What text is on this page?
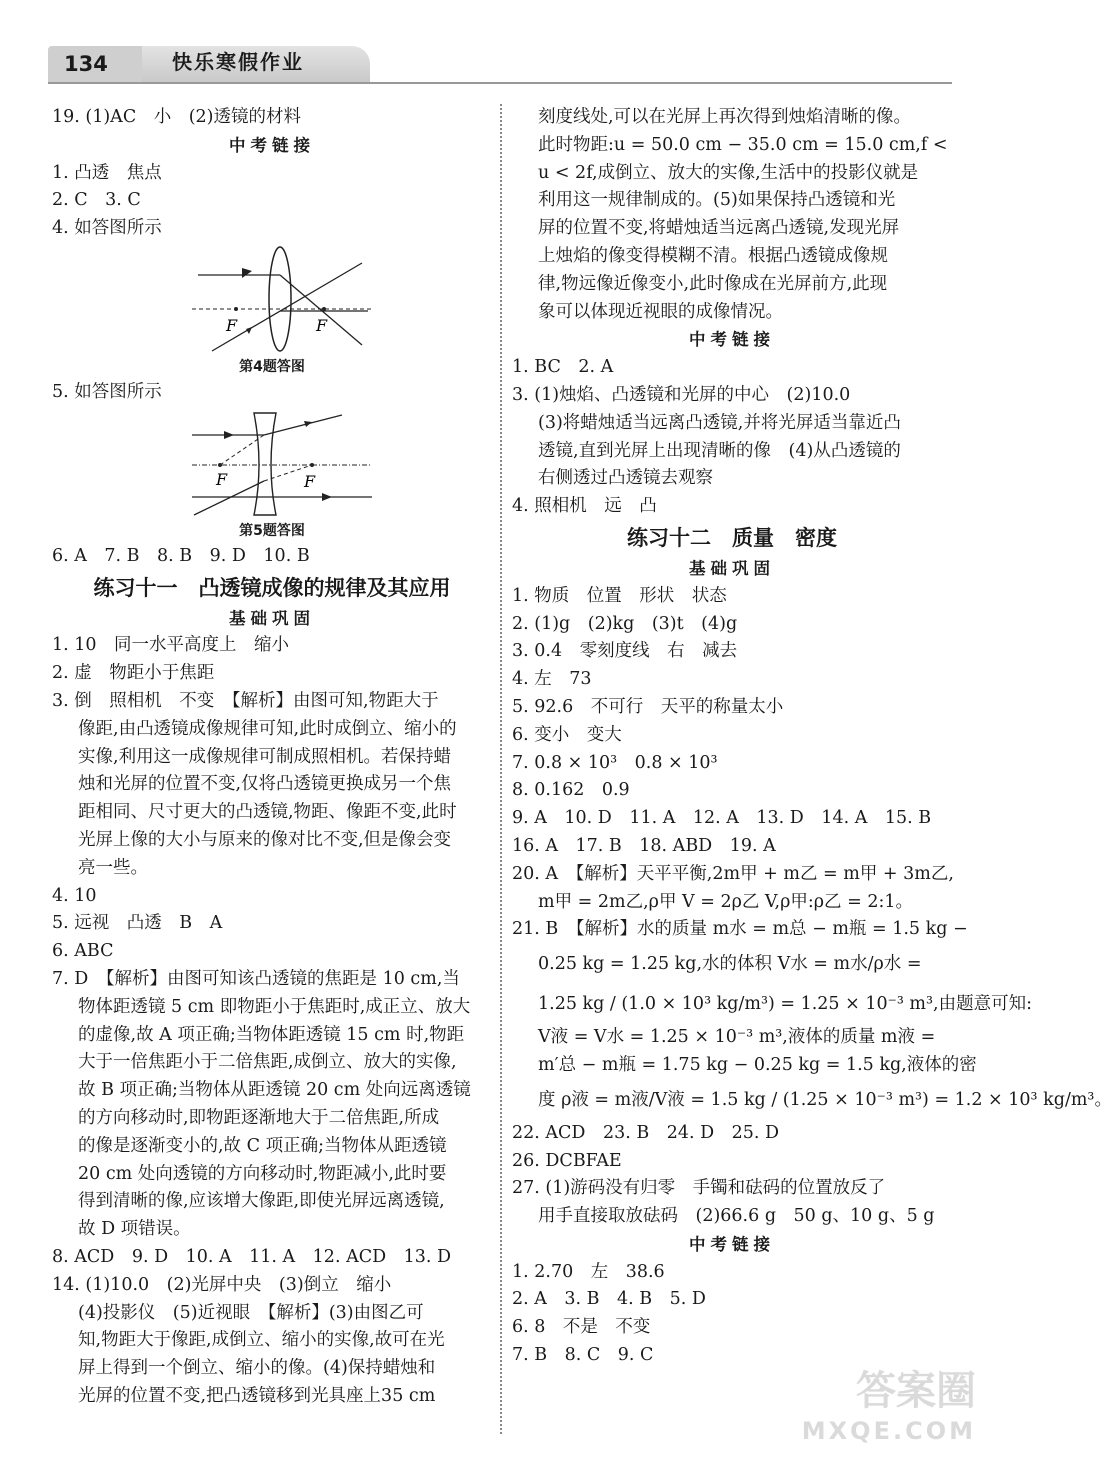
134	快乐寒假作业
19. (1)AC　小　(2)透镜的材料
中考链接
1. 凸透　焦点
2. C　3. C
4. 如答图所示
F	F
第4题答图
5. 如答图所示
F	F
第5题答图
6. A　7. B　8. B　9. D　10. B
练习十一　凸透镜成像的规律及其应用
基础巩固
1. 10　同一水平高度上　缩小
2. 虚　物距小于焦距
3. 倒　照相机　不变　【解析】由图可知,物距大于
像距,由凸透镜成像规律可知,此时成倒立、缩小的
实像,利用这一成像规律可制成照相机。若保持蜡
烛和光屏的位置不变,仅将凸透镜更换成另一个焦
距相同、尺寸更大的凸透镜,物距、像距不变,此时
光屏上像的大小与原来的像对比不变,但是像会变
亮一些。
4. 10
5. 远视　凸透　B　A
6. ABC
7. D　【解析】由图可知该凸透镜的焦距是 10 cm,当
物体距透镜 5 cm 即物距小于焦距时,成正立、放大
的虚像,故 A 项正确;当物体距透镜 15 cm 时,物距
大于一倍焦距小于二倍焦距,成倒立、放大的实像,
故 B 项正确;当物体从距透镜 20 cm 处向远离透镜
的方向移动时,即物距逐渐地大于二倍焦距,所成
的像是逐渐变小的,故 C 项正确;当物体从距透镜
20 cm 处向透镜的方向移动时,物距减小,此时要
得到清晰的像,应该增大像距,即使光屏远离透镜,
故 D 项错误。
8. ACD　9. D　10. A　11. A　12. ACD　13. D
14. (1)10.0　(2)光屏中央　(3)倒立　缩小
(4)投影仪　(5)近视眼　【解析】(3)由图乙可
知,物距大于像距,成倒立、缩小的实像,故可在光
屏上得到一个倒立、缩小的像。(4)保持蜡烛和
光屏的位置不变,把凸透镜移到光具座上35 cm
刻度线处,可以在光屏上再次得到烛焰清晰的像。
此时物距:u = 50.0 cm − 35.0 cm = 15.0 cm,f <
u < 2f,成倒立、放大的实像,生活中的投影仪就是
利用这一规律制成的。(5)如果保持凸透镜和光
屏的位置不变,将蜡烛适当远离凸透镜,发现光屏
上烛焰的像变得模糊不清。根据凸透镜成像规
律,物远像近像变小,此时像成在光屏前方,此现
象可以体现近视眼的成像情况。
中考链接
1. BC　2. A
3. (1)烛焰、凸透镜和光屏的中心　(2)10.0
(3)将蜡烛适当远离凸透镜,并将光屏适当靠近凸
透镜,直到光屏上出现清晰的像　(4)从凸透镜的
右侧透过凸透镜去观察
4. 照相机　远　凸
练习十二　质量　密度
基础巩固
1. 物质　位置　形状　状态
2. (1)g　(2)kg　(3)t　(4)g
3. 0.4　零刻度线　右　减去
4. 左　73
5. 92.6　不可行　天平的称量太小
6. 变小　变大
7. 0.8 × 10³　0.8 × 10³
8. 0.162　0.9
9. A　10. D　11. A　12. A　13. D　14. A　15. B
16. A　17. B　18. ABD　19. A
20. A　【解析】天平平衡,2m甲 + m乙 = m甲 + 3m乙,
m甲 = 2m乙,ρ甲 V = 2ρ乙 V,ρ甲:ρ乙 = 2:1。
21. B　【解析】水的质量 m水 = m总 − m瓶 = 1.5 kg −
0.25 kg = 1.25 kg,水的体积 V水 = m水/ρ水 =
1.25 kg / (1.0 × 10³ kg/m³) = 1.25 × 10⁻³ m³,由题意可知:
V液 = V水 = 1.25 × 10⁻³ m³,液体的质量 m液 =
m′总 − m瓶 = 1.75 kg − 0.25 kg = 1.5 kg,液体的密
度 ρ液 = m液/V液 = 1.5 kg / (1.25 × 10⁻³ m³) = 1.2 × 10³ kg/m³。
22. ACD　23. B　24. D　25. D
26. DCBFAE
27. (1)游码没有归零　手镯和砝码的位置放反了
用手直接取放砝码　(2)66.6 g　50 g、10 g、5 g
中考链接
1. 2.70　左　38.6
2. A　3. B　4. B　5. D
6. 8　不是　不变
7. B　8. C　9. C
答案圈
MXQE.COM
